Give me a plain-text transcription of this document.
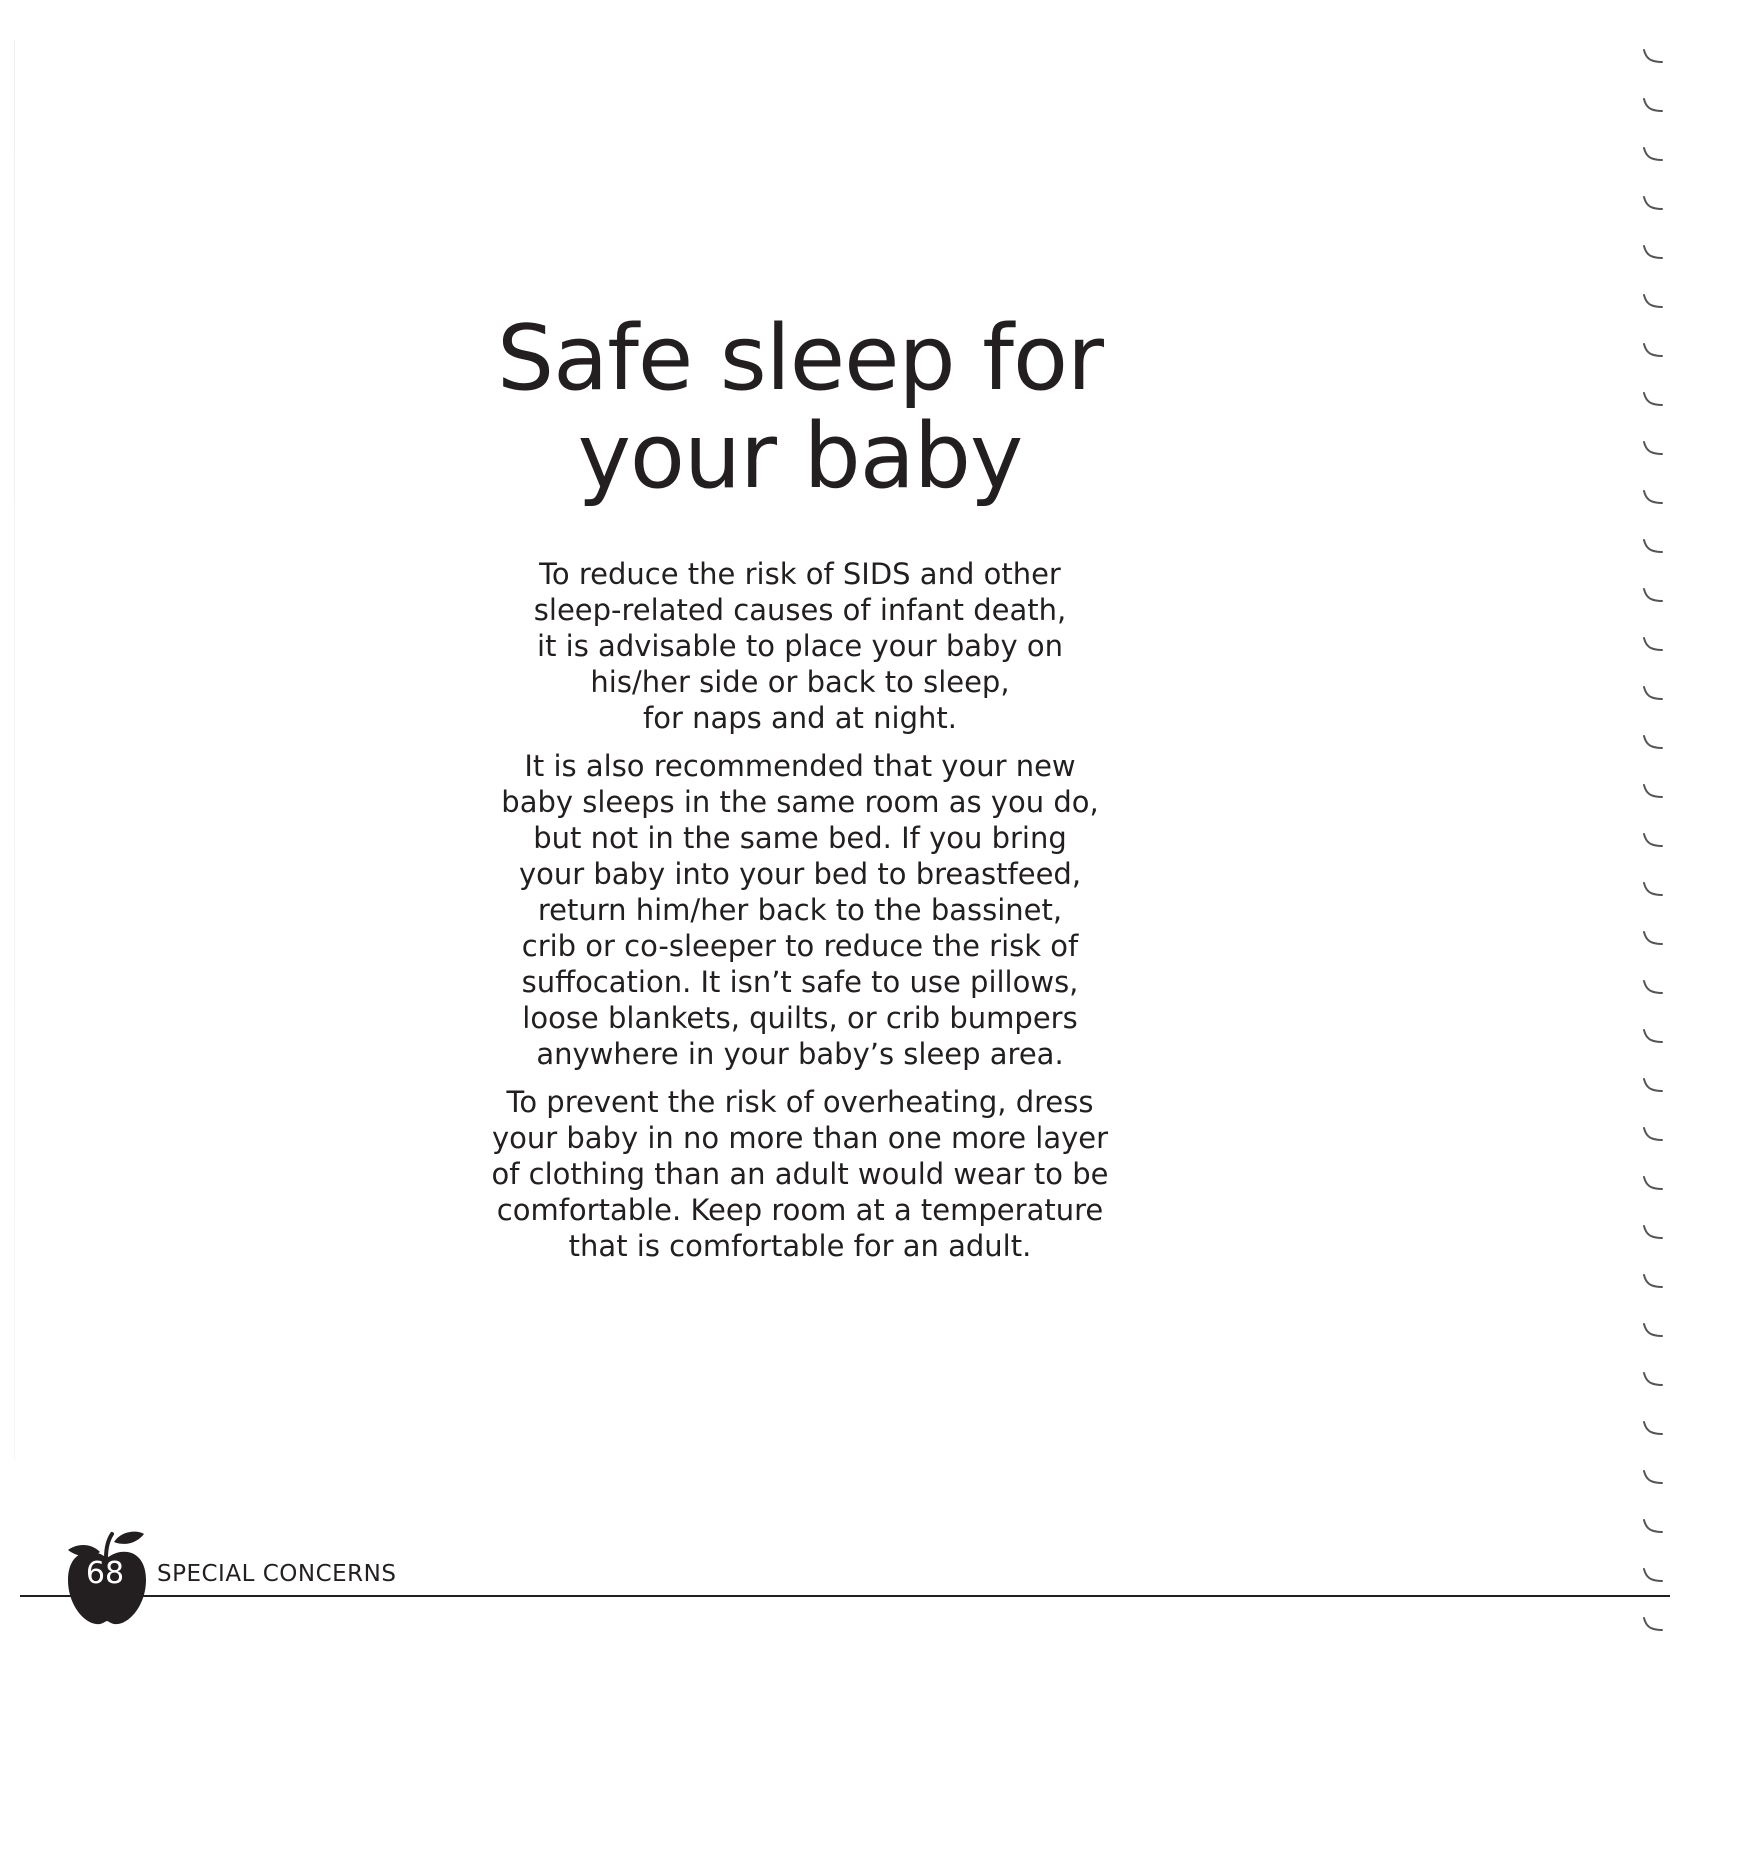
Safe sleep for
your baby

To reduce the risk of SIDS and other
sleep-related causes of infant death,
it is advisable to place your baby on
his/her side or back to sleep,
for naps and at night.

It is also recommended that your new
baby sleeps in the same room as you do,
but not in the same bed. If you bring
your baby into your bed to breastfeed,
return him/her back to the bassinet,
crib or co-sleeper to reduce the risk of
suffocation. It isn’t safe to use pillows,
loose blankets, quilts, or crib bumpers
anywhere in your baby’s sleep area.

To prevent the risk of overheating, dress
your baby in no more than one more layer
of clothing than an adult would wear to be
comfortable. Keep room at a temperature
that is comfortable for an adult.

68	SPECIAL CONCERNS
